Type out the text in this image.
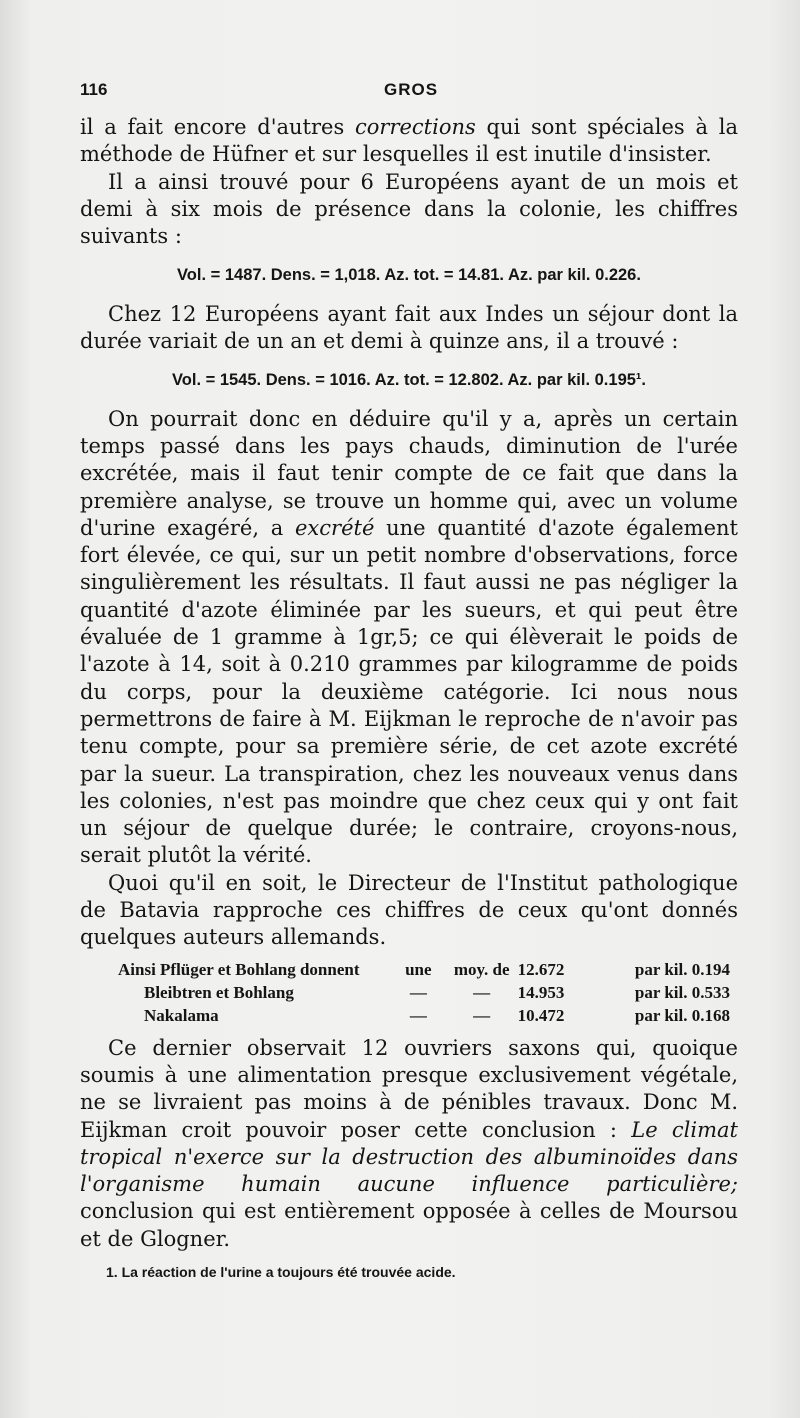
116	GROS

il a fait encore d'autres corrections qui sont spéciales à la méthode de Hüfner et sur lesquelles il est inutile d'insister.

Il a ainsi trouvé pour 6 Européens ayant de un mois et demi à six mois de présence dans la colonie, les chiffres suivants :

Vol. = 1487. Dens. = 1,018. Az. tot. = 14.81. Az. par kil. 0.226.

Chez 12 Européens ayant fait aux Indes un séjour dont la durée variait de un an et demi à quinze ans, il a trouvé :

Vol. = 1545. Dens. = 1016. Az. tot. = 12.802. Az. par kil. 0.195¹.

On pourrait donc en déduire qu'il y a, après un certain temps passé dans les pays chauds, diminution de l'urée excrétée, mais il faut tenir compte de ce fait que dans la première analyse, se trouve un homme qui, avec un volume d'urine exagéré, a excrété une quantité d'azote également fort élevée, ce qui, sur un petit nombre d'observations, force singulièrement les résultats. Il faut aussi ne pas négliger la quantité d'azote éliminée par les sueurs, et qui peut être évaluée de 1 gramme à 1gr,5; ce qui élèverait le poids de l'azote à 14, soit à 0.210 grammes par kilogramme de poids du corps, pour la deuxième catégorie. Ici nous nous permettrons de faire à M. Eijkman le reproche de n'avoir pas tenu compte, pour sa première série, de cet azote excrété par la sueur. La transpiration, chez les nouveaux venus dans les colonies, n'est pas moindre que chez ceux qui y ont fait un séjour de quelque durée; le contraire, croyons-nous, serait plutôt la vérité.

Quoi qu'il en soit, le Directeur de l'Institut pathologique de Batavia rapproche ces chiffres de ceux qu'ont donnés quelques auteurs allemands.

Ainsi Pflüger et Bohlang donnent	une	moy. de	12.672	par kil. 0.194
Bleibtren et Bohlang	—	—	14.953	par kil. 0.533
Nakalama	—	—	10.472	par kil. 0.168

Ce dernier observait 12 ouvriers saxons qui, quoique soumis à une alimentation presque exclusivement végétale, ne se livraient pas moins à de pénibles travaux. Donc M. Eijkman croit pouvoir poser cette conclusion : Le climat tropical n'exerce sur la destruction des albuminoïdes dans l'organisme humain aucune influence particulière; conclusion qui est entièrement opposée à celles de Moursou et de Glogner.

1. La réaction de l'urine a toujours été trouvée acide.
